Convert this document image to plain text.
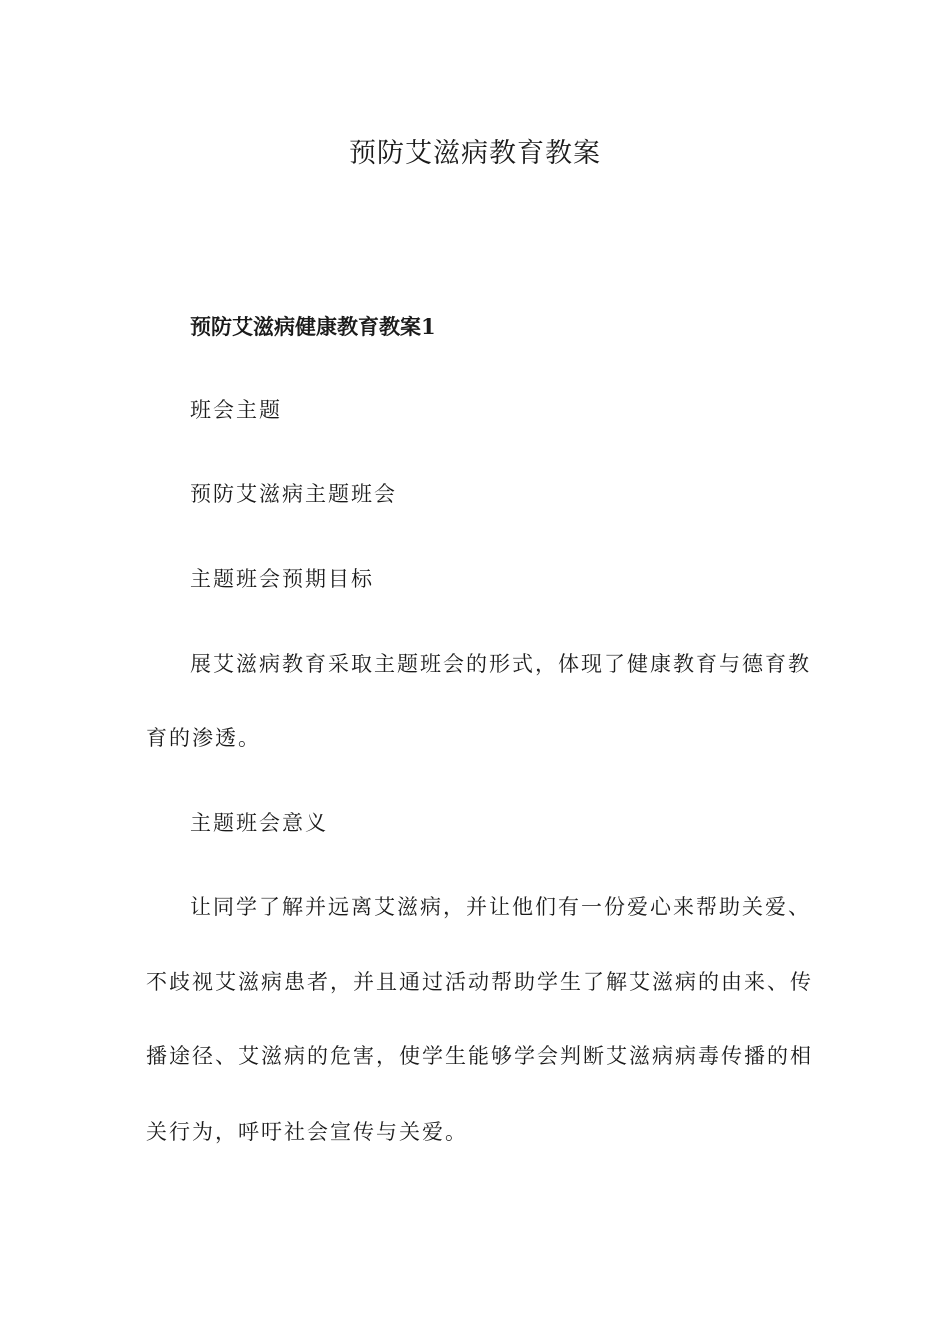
预防艾滋病教育教案
预防艾滋病健康教育教案1

班会主题

预防艾滋病主题班会

主题班会预期目标

展艾滋病教育采取主题班会的形式，体现了健康教育与德育教

育的渗透。

主题班会意义

让同学了解并远离艾滋病，并让他们有一份爱心来帮助关爱、

不歧视艾滋病患者，并且通过活动帮助学生了解艾滋病的由来、传

播途径、艾滋病的危害，使学生能够学会判断艾滋病病毒传播的相

关行为，呼吁社会宣传与关爱。
